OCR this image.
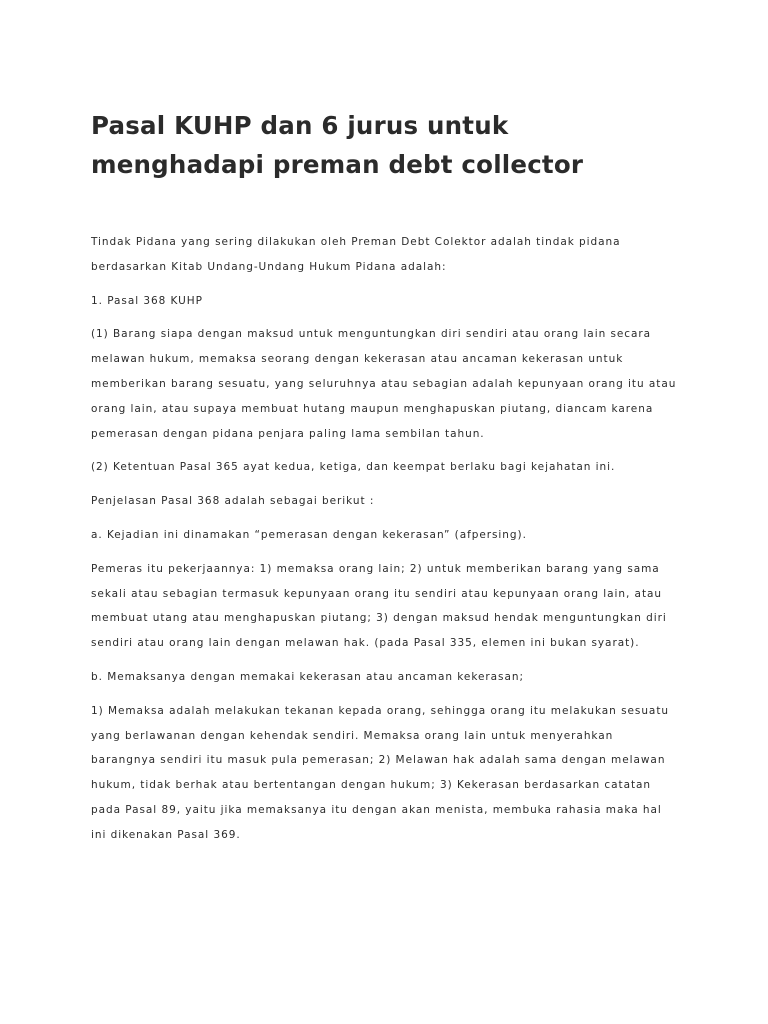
Pasal KUHP dan 6 jurus untuk
menghadapi preman debt collector

Tindak Pidana yang sering dilakukan oleh Preman Debt Colektor adalah tindak pidana
berdasarkan Kitab Undang-Undang Hukum Pidana adalah:

1. Pasal 368 KUHP

(1) Barang siapa dengan maksud untuk menguntungkan diri sendiri atau orang lain secara
melawan hukum, memaksa seorang dengan kekerasan atau ancaman kekerasan untuk
memberikan barang sesuatu, yang seluruhnya atau sebagian adalah kepunyaan orang itu atau
orang lain, atau supaya membuat hutang maupun menghapuskan piutang, diancam karena
pemerasan dengan pidana penjara paling lama sembilan tahun.

(2) Ketentuan Pasal 365 ayat kedua, ketiga, dan keempat berlaku bagi kejahatan ini.

Penjelasan Pasal 368 adalah sebagai berikut :

a. Kejadian ini dinamakan “pemerasan dengan kekerasan” (afpersing).

Pemeras itu pekerjaannya: 1) memaksa orang lain; 2) untuk memberikan barang yang sama
sekali atau sebagian termasuk kepunyaan orang itu sendiri atau kepunyaan orang lain, atau
membuat utang atau menghapuskan piutang; 3) dengan maksud hendak menguntungkan diri
sendiri atau orang lain dengan melawan hak. (pada Pasal 335, elemen ini bukan syarat).

b. Memaksanya dengan memakai kekerasan atau ancaman kekerasan;

1) Memaksa adalah melakukan tekanan kepada orang, sehingga orang itu melakukan sesuatu
yang berlawanan dengan kehendak sendiri. Memaksa orang lain untuk menyerahkan
barangnya sendiri itu masuk pula pemerasan; 2) Melawan hak adalah sama dengan melawan
hukum, tidak berhak atau bertentangan dengan hukum; 3) Kekerasan berdasarkan catatan
pada Pasal 89, yaitu jika memaksanya itu dengan akan menista, membuka rahasia maka hal
ini dikenakan Pasal 369.
